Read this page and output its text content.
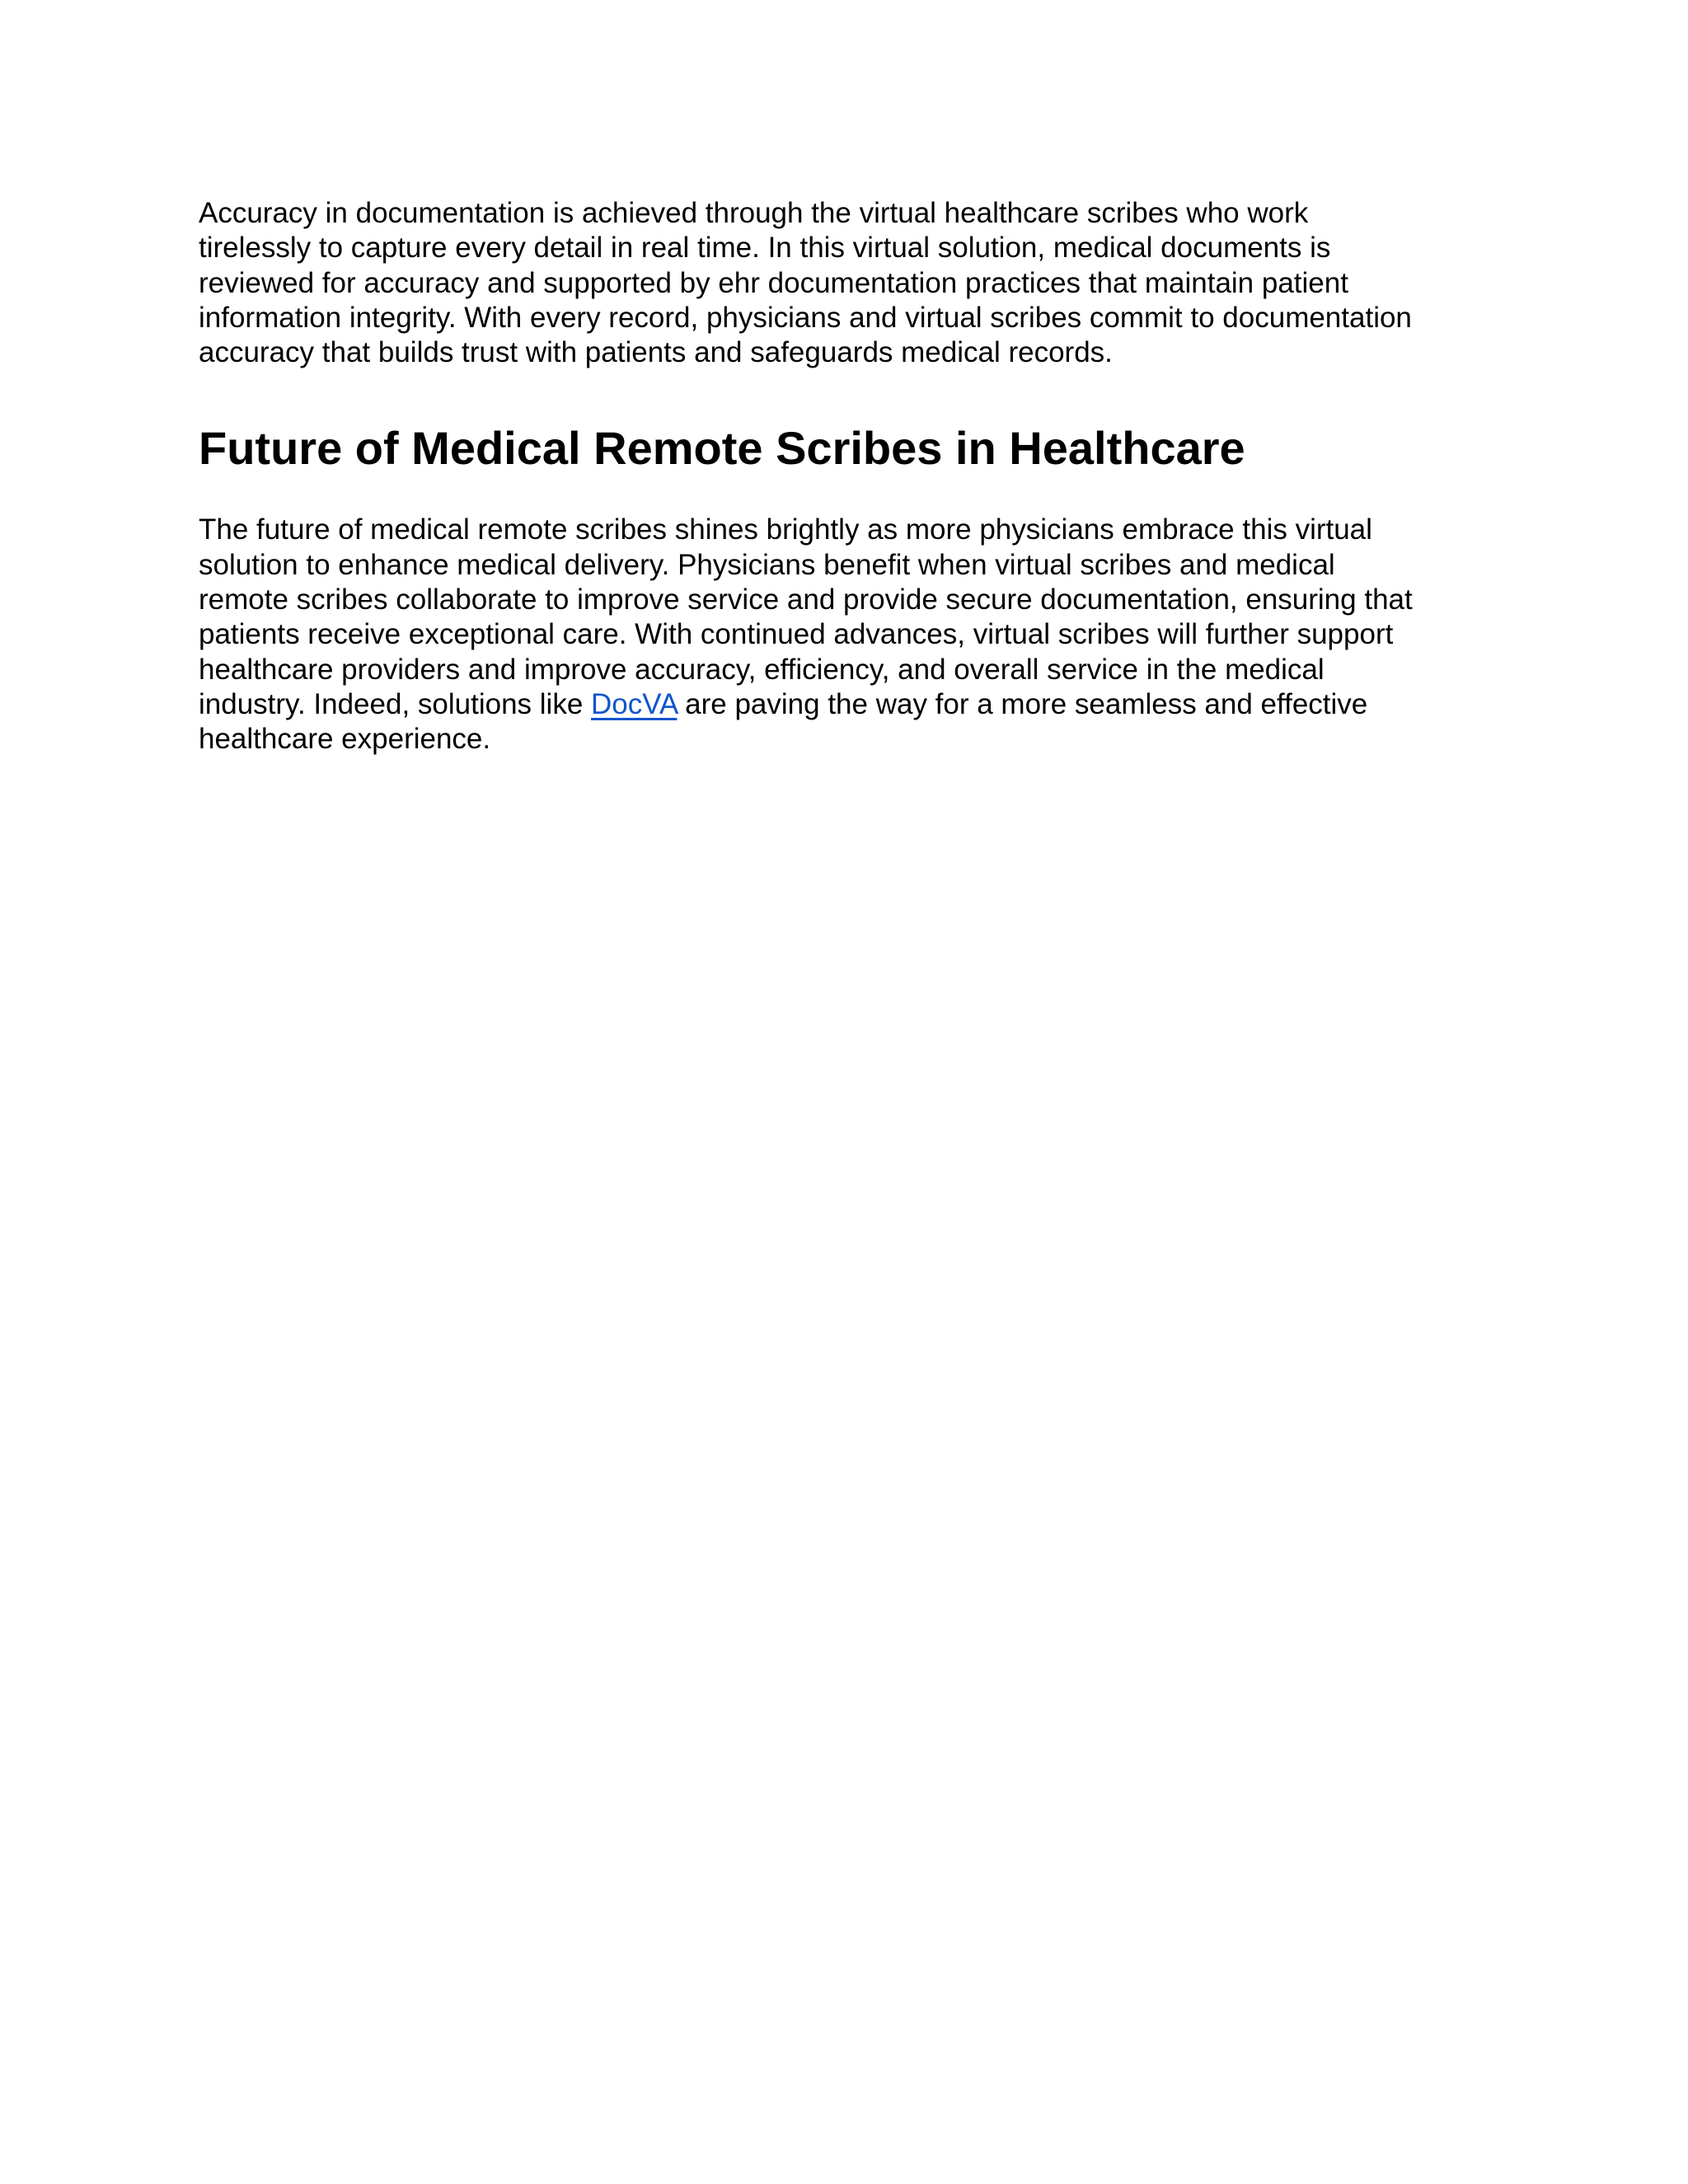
Accuracy in documentation is achieved through the virtual healthcare scribes who work
tirelessly to capture every detail in real time. In this virtual solution, medical documents is
reviewed for accuracy and supported by ehr documentation practices that maintain patient
information integrity. With every record, physicians and virtual scribes commit to documentation
accuracy that builds trust with patients and safeguards medical records.

Future of Medical Remote Scribes in Healthcare

The future of medical remote scribes shines brightly as more physicians embrace this virtual
solution to enhance medical delivery. Physicians benefit when virtual scribes and medical
remote scribes collaborate to improve service and provide secure documentation, ensuring that
patients receive exceptional care. With continued advances, virtual scribes will further support
healthcare providers and improve accuracy, efficiency, and overall service in the medical
industry. Indeed, solutions like DocVA are paving the way for a more seamless and effective
healthcare experience.
